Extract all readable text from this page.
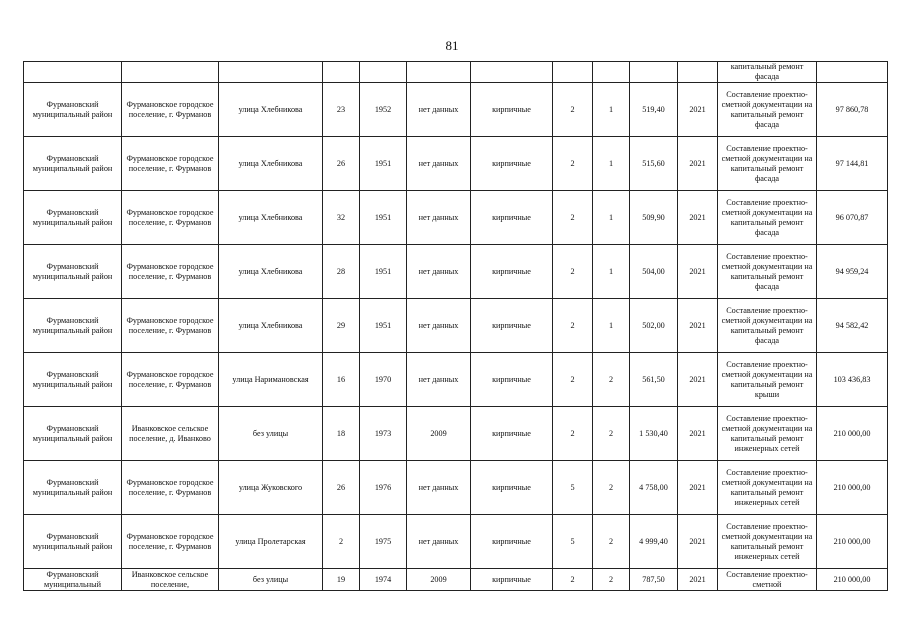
81
											капитальный ремонт фасада	
Фурмановский муниципальный район	Фурмановское городское поселение, г. Фурманов	улица Хлебникова	23	1952	нет данных	кирпичные	2	1	519,40	2021	Составление проектно-сметной документации на капитальный ремонт фасада	97 860,78
Фурмановский муниципальный район	Фурмановское городское поселение, г. Фурманов	улица Хлебникова	26	1951	нет данных	кирпичные	2	1	515,60	2021	Составление проектно-сметной документации на капитальный ремонт фасада	97 144,81
Фурмановский муниципальный район	Фурмановское городское поселение, г. Фурманов	улица Хлебникова	32	1951	нет данных	кирпичные	2	1	509,90	2021	Составление проектно-сметной документации на капитальный ремонт фасада	96 070,87
Фурмановский муниципальный район	Фурмановское городское поселение, г. Фурманов	улица Хлебникова	28	1951	нет данных	кирпичные	2	1	504,00	2021	Составление проектно-сметной документации на капитальный ремонт фасада	94 959,24
Фурмановский муниципальный район	Фурмановское городское поселение, г. Фурманов	улица Хлебникова	29	1951	нет данных	кирпичные	2	1	502,00	2021	Составление проектно-сметной документации на капитальный ремонт фасада	94 582,42
Фурмановский муниципальный район	Фурмановское городское поселение, г. Фурманов	улица Наримановская	16	1970	нет данных	кирпичные	2	2	561,50	2021	Составление проектно-сметной документации на капитальный ремонт крыши	103 436,83
Фурмановский муниципальный район	Иванковское сельское поселение, д. Иванково	без улицы	18	1973	2009	кирпичные	2	2	1 530,40	2021	Составление проектно-сметной документации на капитальный ремонт инженерных сетей	210 000,00
Фурмановский муниципальный район	Фурмановское городское поселение, г. Фурманов	улица Жуковского	26	1976	нет данных	кирпичные	5	2	4 758,00	2021	Составление проектно-сметной документации на капитальный ремонт инженерных сетей	210 000,00
Фурмановский муниципальный район	Фурмановское городское поселение, г. Фурманов	улица Пролетарская	2	1975	нет данных	кирпичные	5	2	4 999,40	2021	Составление проектно-сметной документации на капитальный ремонт инженерных сетей	210 000,00
Фурмановский муниципальный	Иванковское сельское поселение,	без улицы	19	1974	2009	кирпичные	2	2	787,50	2021	Составление проектно-сметной	210 000,00
